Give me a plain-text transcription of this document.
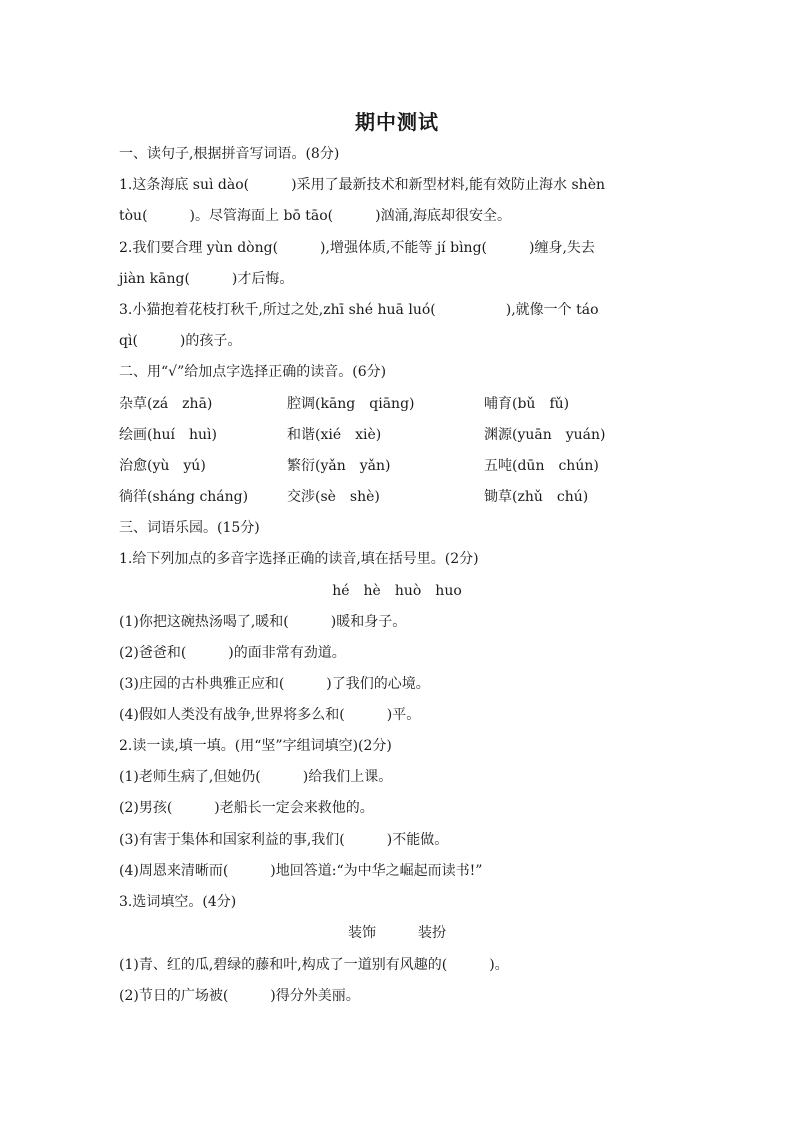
期中测试
一、读句子,根据拼音写词语。(8分)
1.这条海底 suì dào(　　　)采用了最新技术和新型材料,能有效防止海水 shèn
tòu(　　　)。尽管海面上 bō tāo(　　　)汹涌,海底却很安全。
2.我们要合理 yùn dòng(　　　),增强体质,不能等 jí bìng(　　　)缠身,失去
jiàn kāng(　　　)才后悔。
3.小猫抱着花枝打秋千,所过之处,zhī shé huā luó(　　　　　),就像一个 táo
qì(　　　)的孩子。
二、用“√”给加点字选择正确的读音。(6分)
杂草(zá　zhā)	腔调(kāng　qiāng)	哺育(bǔ　fǔ)
绘画(huí　huì)	和谐(xié　xiè)	渊源(yuān　yuán)
治愈(yù　yú)	繁衍(yǎn　yǎn)	五吨(dūn　chún)
徜徉(sháng cháng)	交涉(sè　shè)	锄草(zhǔ　chú)
三、词语乐园。(15分)
1.给下列加点的多音字选择正确的读音,填在括号里。(2分)
hé　hè　huò　huo
(1)你把这碗热汤喝了,暖和(　　　)暖和身子。
(2)爸爸和(　　　)的面非常有劲道。
(3)庄园的古朴典雅正应和(　　　)了我们的心境。
(4)假如人类没有战争,世界将多么和(　　　)平。
2.读一读,填一填。(用“坚”字组词填空)(2分)
(1)老师生病了,但她仍(　　　)给我们上课。
(2)男孩(　　　)老船长一定会来救他的。
(3)有害于集体和国家利益的事,我们(　　　)不能做。
(4)周恩来清晰而(　　　)地回答道:“为中华之崛起而读书!”
3.选词填空。(4分)
装饰　　　装扮
(1)青、红的瓜,碧绿的藤和叶,构成了一道别有风趣的(　　　)。
(2)节日的广场被(　　　)得分外美丽。
